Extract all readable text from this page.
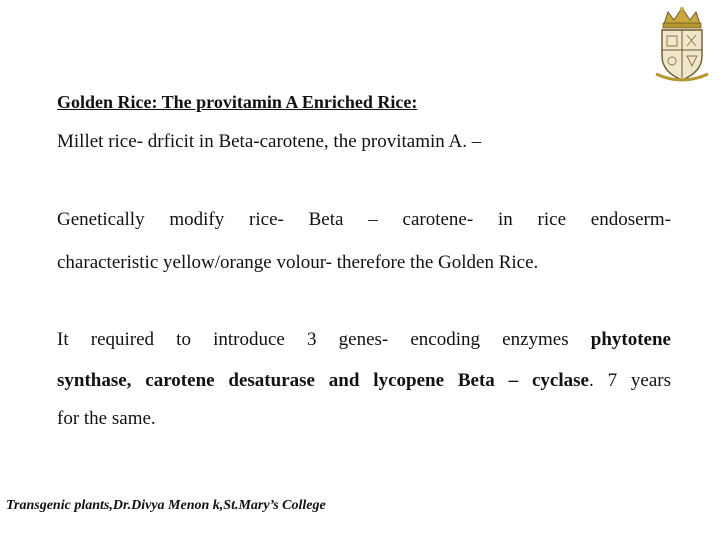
Golden Rice: The provitamin A Enriched Rice:
Millet rice- drficit in Beta-carotene, the provitamin A. –
Genetically modify rice- Beta – carotene- in rice endoserm-
characteristic yellow/orange volour- therefore the Golden Rice.
It required to introduce 3 genes- encoding enzymes phytotene
synthase, carotene desaturase and lycopene Beta – cyclase. 7 years
for the same.
Transgenic plants,Dr.Divya Menon k,St.Mary’s College
